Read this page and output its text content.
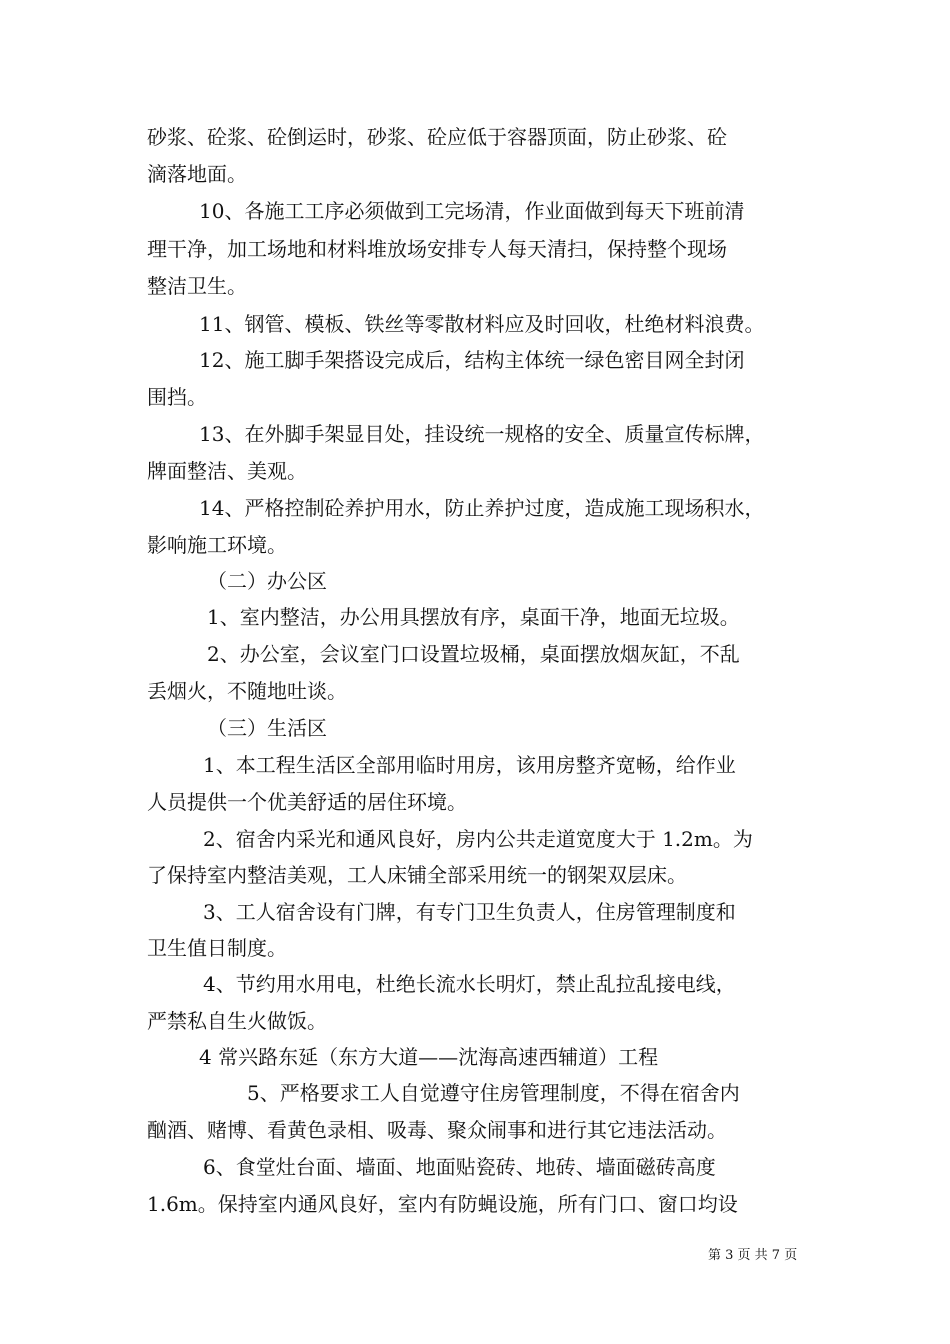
砂浆、砼浆、砼倒运时，砂浆、砼应低于容器顶面，防止砂浆、砼
滴落地面。
10、各施工工序必须做到工完场清，作业面做到每天下班前清
理干净，加工场地和材料堆放场安排专人每天清扫，保持整个现场
整洁卫生。
11、钢管、模板、铁丝等零散材料应及时回收，杜绝材料浪费。
12、施工脚手架搭设完成后，结构主体统一绿色密目网全封闭
围挡。
13、在外脚手架显目处，挂设统一规格的安全、质量宣传标牌，
牌面整洁、美观。
14、严格控制砼养护用水，防止养护过度，造成施工现场积水，
影响施工环境。
（二）办公区
1、室内整洁，办公用具摆放有序，桌面干净，地面无垃圾。
2、办公室，会议室门口设置垃圾桶，桌面摆放烟灰缸，不乱
丢烟火，不随地吐谈。
（三）生活区
1、本工程生活区全部用临时用房，该用房整齐宽畅，给作业
人员提供一个优美舒适的居住环境。
2、宿舍内采光和通风良好，房内公共走道宽度大于 1.2m。为
了保持室内整洁美观，工人床铺全部采用统一的钢架双层床。
3、工人宿舍设有门牌，有专门卫生负责人，住房管理制度和
卫生值日制度。
4、节约用水用电，杜绝长流水长明灯，禁止乱拉乱接电线，
严禁私自生火做饭。
4 常兴路东延（东方大道——沈海高速西辅道）工程
5、严格要求工人自觉遵守住房管理制度，不得在宿舍内
酗酒、赌博、看黄色录相、吸毒、聚众闹事和进行其它违法活动。
6、食堂灶台面、墙面、地面贴瓷砖、地砖、墙面磁砖高度
1.6m。保持室内通风良好，室内有防蝇设施，所有门口、窗口均设
第 3 页 共 7 页
